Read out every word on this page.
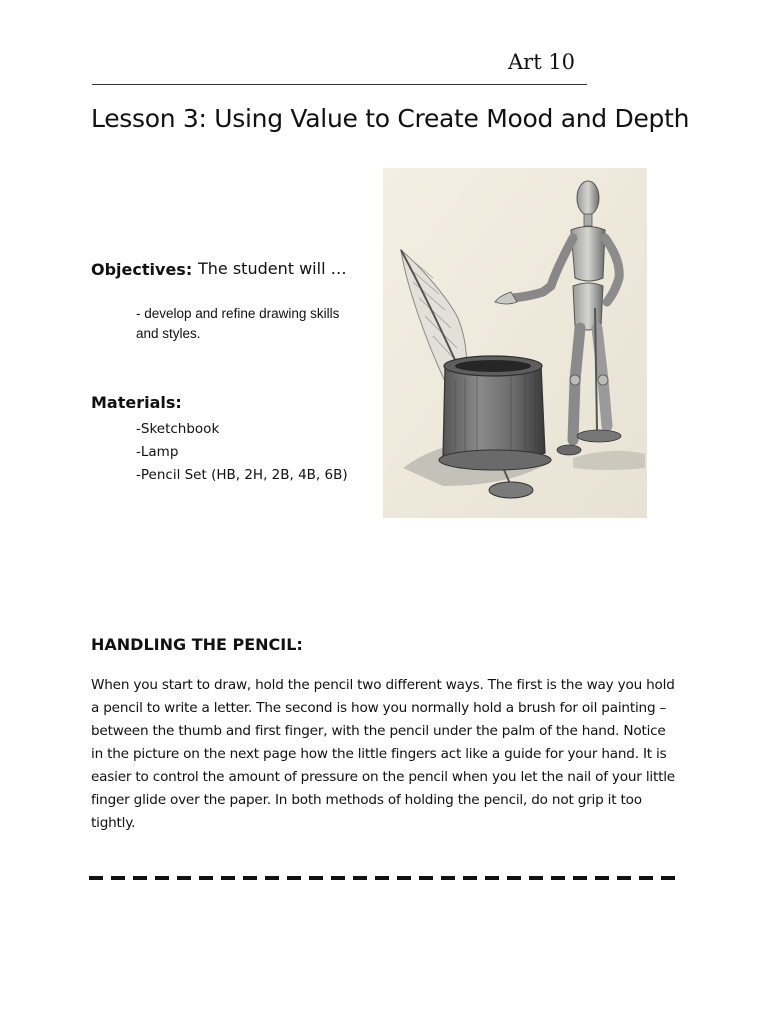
Art 10
Lesson 3: Using Value to Create Mood and Depth
Objectives: The student will …
- develop and refine drawing skills and styles.
Materials:
-Sketchbook
-Lamp
-Pencil Set (HB, 2H, 2B, 4B, 6B)
HANDLING THE PENCIL:

When you start to draw, hold the pencil two different ways. The first is the way you hold a pencil to write a letter. The second is how you normally hold a brush for oil painting – between the thumb and first finger, with the pencil under the palm of the hand. Notice in the picture on the next page how the little fingers act like a guide for your hand. It is easier to control the amount of pressure on the pencil when you let the nail of your little finger glide over the paper. In both methods of holding the pencil, do not grip it too tightly.
